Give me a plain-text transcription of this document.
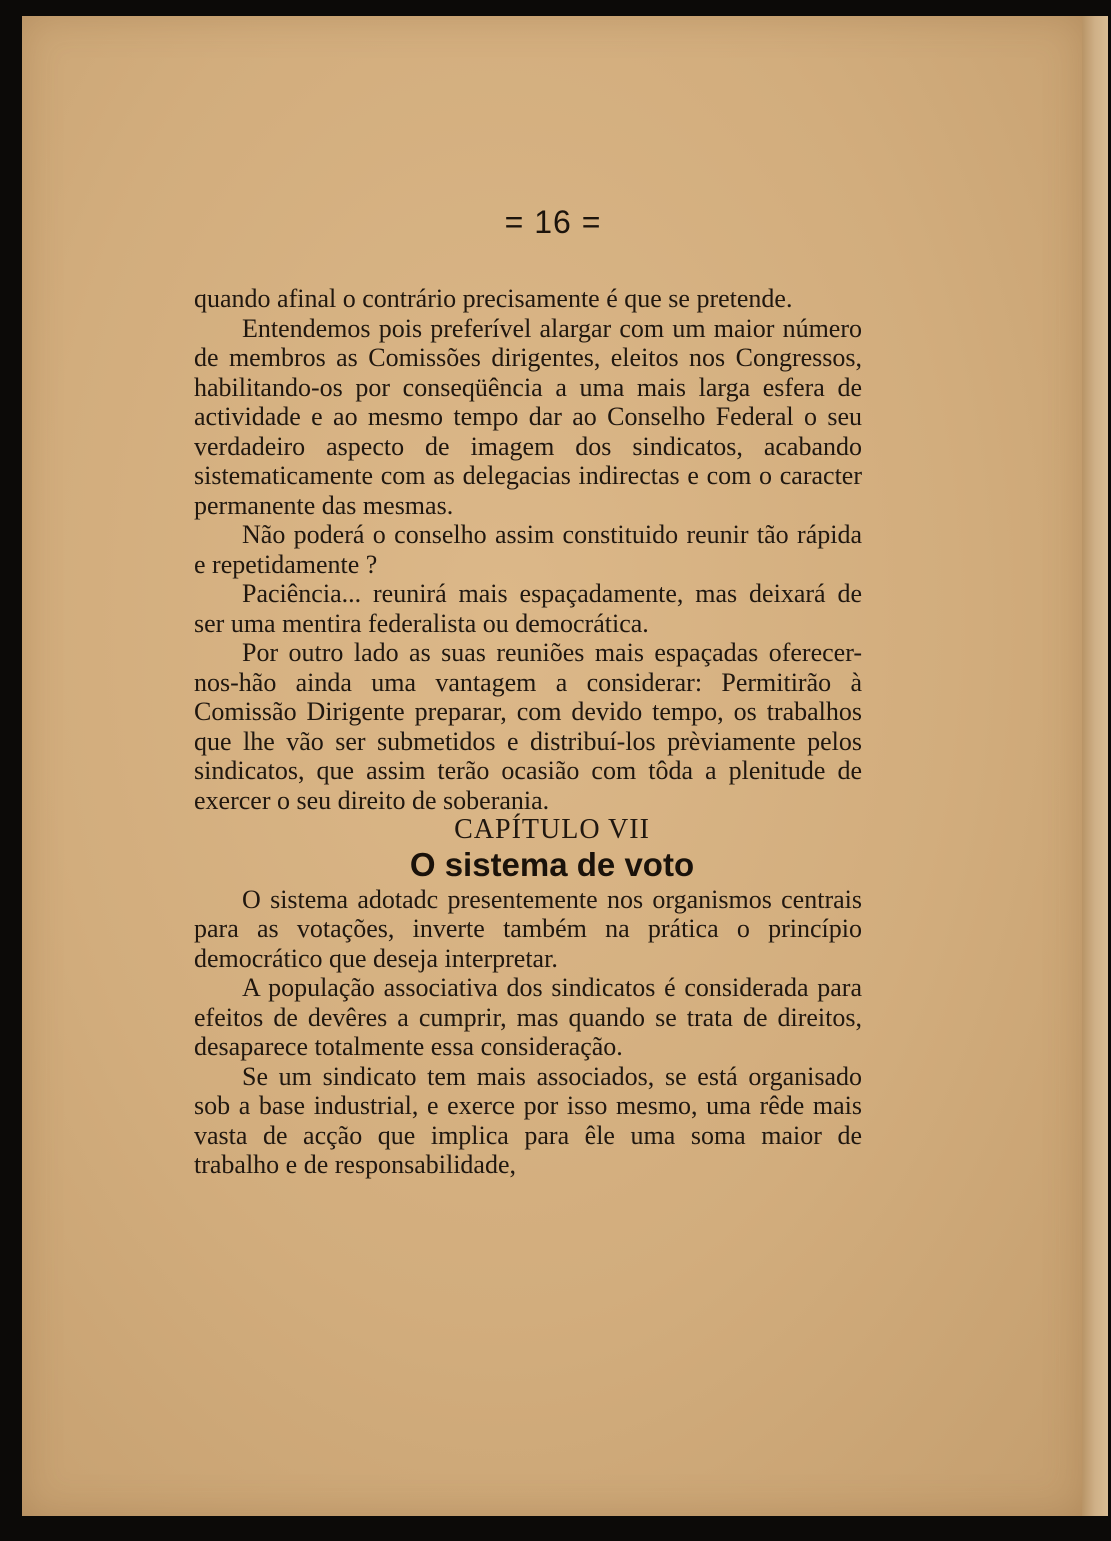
= 16 =

quando afinal o contrário precisamente é que se pretende.

Entendemos pois preferível alargar com um maior número de membros as Comissões dirigentes, eleitos nos Congressos, habilitando-os por conseqüência a uma mais larga esfera de actividade e ao mesmo tempo dar ao Conselho Federal o seu verdadeiro aspecto de imagem dos sindicatos, acabando sistematicamente com as delegacias indirectas e com o caracter permanente das mesmas.

Não poderá o conselho assim constituido reunir tão rápida e repetidamente ?

Paciência... reunirá mais espaçadamente, mas deixará de ser uma mentira federalista ou democrática.

Por outro lado as suas reuniões mais espaçadas oferecer-nos-hão ainda uma vantagem a considerar: Permitirão à Comissão Dirigente preparar, com devido tempo, os trabalhos que lhe vão ser submetidos e distribuí-los prèviamente pelos sindicatos, que assim terão ocasião com tôda a plenitude de exercer o seu direito de soberania.

CAPÍTULO VII

O sistema de voto

O sistema adotadc presentemente nos organismos centrais para as votações, inverte também na prática o princípio democrático que deseja interpretar.

A população associativa dos sindicatos é considerada para efeitos de devêres a cumprir, mas quando se trata de direitos, desaparece totalmente essa consideração.

Se um sindicato tem mais associados, se está organisado sob a base industrial, e exerce por isso mesmo, uma rêde mais vasta de acção que implica para êle uma soma maior de trabalho e de responsabilidade,
